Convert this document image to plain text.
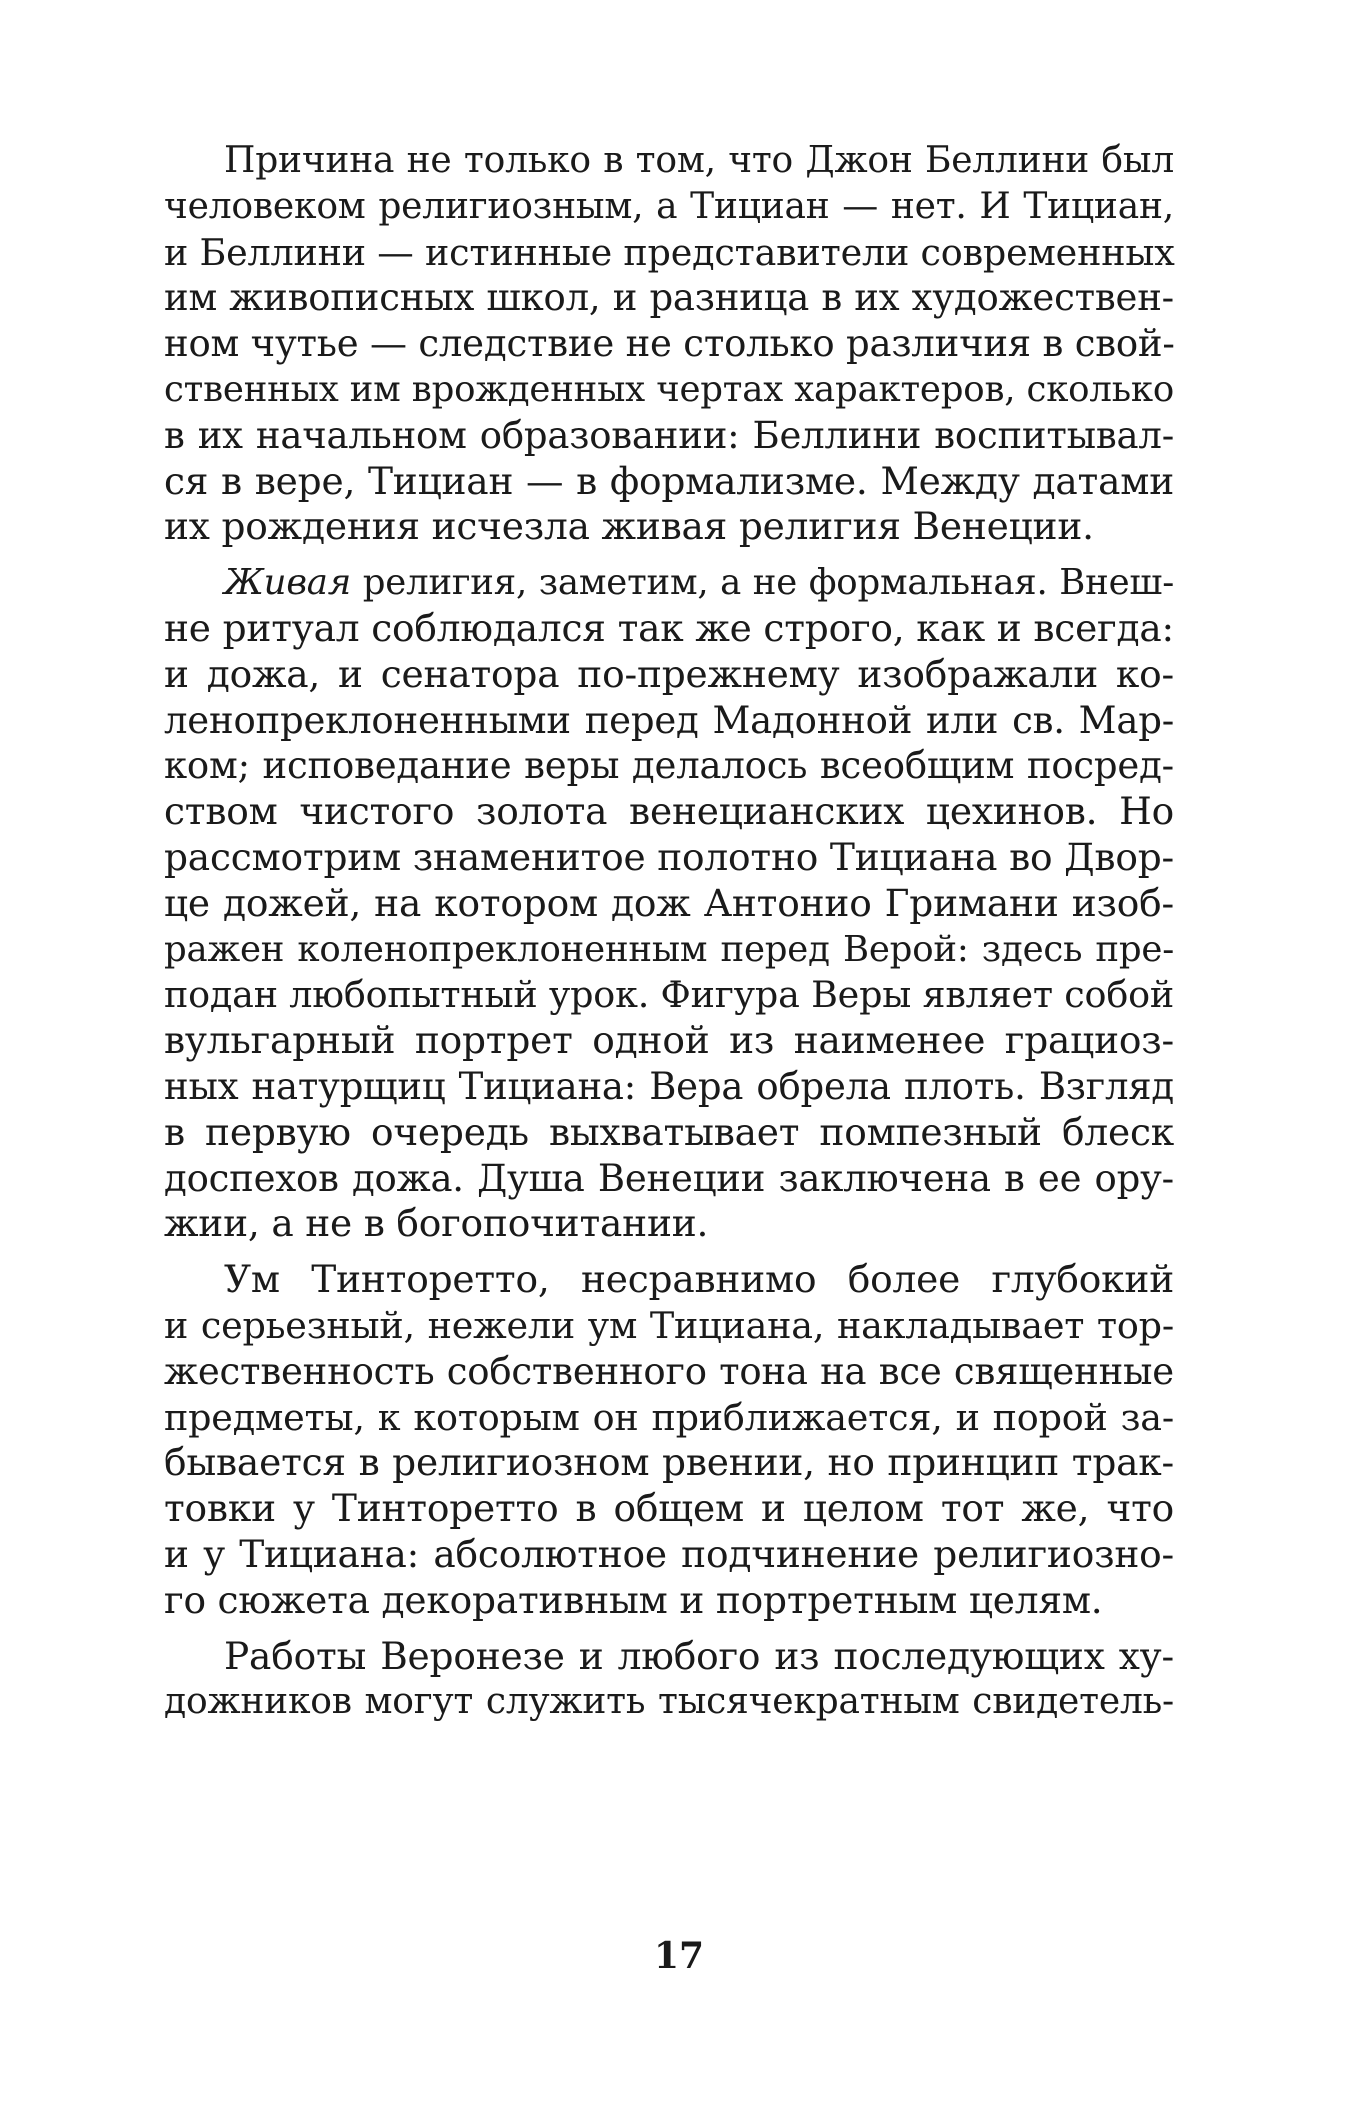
Причина не только в том, что Джон Беллини был
человеком религиозным, а Тициан — нет. И Тициан,
и Беллини — истинные представители современных
им живописных школ, и разница в их художествен-
ном чутье — следствие не столько различия в свой-
ственных им врожденных чертах характеров, сколько
в их начальном образовании: Беллини воспитывал-
ся в вере, Тициан — в формализме. Между датами
их рождения исчезла живая религия Венеции.

Живая религия, заметим, а не формальная. Внеш-
не ритуал соблюдался так же строго, как и всегда:
и дожа, и сенатора по-прежнему изображали ко-
ленопреклоненными перед Мадонной или св. Мар-
ком; исповедание веры делалось всеобщим посред-
ством чистого золота венецианских цехинов. Но
рассмотрим знаменитое полотно Тициана во Двор-
це дожей, на котором дож Антонио Гримани изоб-
ражен коленопреклоненным перед Верой: здесь пре-
подан любопытный урок. Фигура Веры являет собой
вульгарный портрет одной из наименее грациоз-
ных натурщиц Тициана: Вера обрела плоть. Взгляд
в первую очередь выхватывает помпезный блеск
доспехов дожа. Душа Венеции заключена в ее ору-
жии, а не в богопочитании.

Ум Тинторетто, несравнимо более глубокий
и серьезный, нежели ум Тициана, накладывает тор-
жественность собственного тона на все священные
предметы, к которым он приближается, и порой за-
бывается в религиозном рвении, но принцип трак-
товки у Тинторетто в общем и целом тот же, что
и у Тициана: абсолютное подчинение религиозно-
го сюжета декоративным и портретным целям.

Работы Веронезе и любого из последующих ху-
дожников могут служить тысячекратным свидетель-

17
